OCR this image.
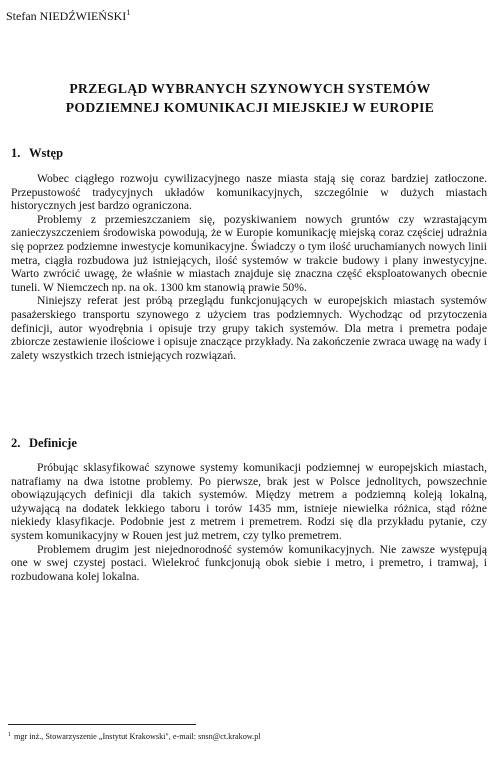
Stefan NIEDŹWIEŃSKI$^1$
PRZEGLĄD WYBRANYCH SZYNOWYCH SYSTEMÓW
PODZIEMNEJ KOMUNIKACJI MIEJSKIEJ W EUROPIE
1. Wstęp

Wobec ciągłego rozwoju cywilizacyjnego nasze miasta stają się coraz bardziej zatłoczone. Przepustowość tradycyjnych układów komunikacyjnych, szczególnie w dużych miastach historycznych jest bardzo ograniczona.

Problemy z przemieszczaniem się, pozyskiwaniem nowych gruntów czy wzrastającym zanieczyszczeniem środowiska powodują, że w Europie komunikację miejską coraz częściej udrażnia się poprzez podziemne inwestycje komunikacyjne. Świadczy o tym ilość uruchamianych nowych linii metra, ciągła rozbudowa już istniejących, ilość systemów w trakcie budowy i plany inwestycyjne. Warto zwrócić uwagę, że właśnie w miastach znajduje się znaczna część eksploatowanych obecnie tuneli. W Niemczech np. na ok. 1300 km stanowią prawie 50%.

Niniejszy referat jest próbą przeglądu funkcjonujących w europejskich miastach systemów pasażerskiego transportu szynowego z użyciem tras podziemnych. Wychodząc od przytoczenia definicji, autor wyodrębnia i opisuje trzy grupy takich systemów. Dla metra i premetra podaje zbiorcze zestawienie ilościowe i opisuje znaczące przykłady. Na zakończenie zwraca uwagę na wady i zalety wszystkich trzech istniejących rozwiązań.

2. Definicje

Próbując sklasyfikować szynowe systemy komunikacji podziemnej w europejskich miastach, natrafiamy na dwa istotne problemy. Po pierwsze, brak jest w Polsce jednolitych, powszechnie obowiązujących definicji dla takich systemów. Między metrem a podziemną koleją lokalną, używającą na dodatek lekkiego taboru i torów 1435 mm, istnieje niewielka różnica, stąd różne niekiedy klasyfikacje. Podobnie jest z metrem i premetrem. Rodzi się dla przykładu pytanie, czy system komunikacyjny w Rouen jest już metrem, czy tylko premetrem.

Problemem drugim jest niejednorodność systemów komunikacyjnych. Nie zawsze występują one w swej czystej postaci. Wielekroć funkcjonują obok siebie i metro, i premetro, i tramwaj, i rozbudowana kolej lokalna.

$^1$ mgr inż., Stowarzyszenie „Instytut Krakowski", e-mail: snsn@ct.krakow.pl
